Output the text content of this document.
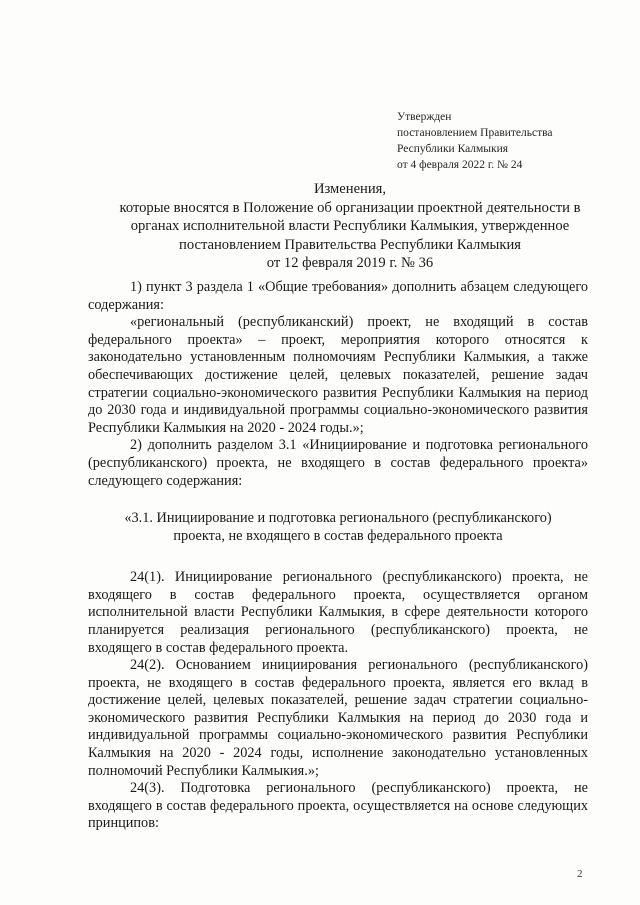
Утвержден
постановлением Правительства
Республики Калмыкия
от 4 февраля 2022 г. № 24
Изменения,
которые вносятся в Положение об организации проектной деятельности в
органах исполнительной власти Республики Калмыкия, утвержденное
постановлением Правительства Республики Калмыкия
от 12 февраля 2019 г. № 36

1) пункт 3 раздела 1 «Общие требования» дополнить абзацем следующего содержания:

«региональный (республиканский) проект, не входящий в состав федерального проекта» – проект, мероприятия которого относятся к законодательно установленным полномочиям Республики Калмыкия, а также обеспечивающих достижение целей, целевых показателей, решение задач стратегии социально-экономического развития Республики Калмыкия на период до 2030 года и индивидуальной программы социально-экономического развития Республики Калмыкия на 2020 - 2024 годы.»;

2) дополнить разделом 3.1 «Инициирование и подготовка регионального (республиканского) проекта, не входящего в состав федерального проекта» следующего содержания:

«3.1. Инициирование и подготовка регионального (республиканского)
проекта, не входящего в состав федерального проекта

24(1). Инициирование регионального (республиканского) проекта, не входящего в состав федерального проекта, осуществляется органом исполнительной власти Республики Калмыкия, в сфере деятельности которого планируется реализация регионального (республиканского) проекта, не входящего в состав федерального проекта.

24(2). Основанием инициирования регионального (республиканского) проекта, не входящего в состав федерального проекта, является его вклад в достижение целей, целевых показателей, решение задач стратегии социально-экономического развития Республики Калмыкия на период до 2030 года и индивидуальной программы социально-экономического развития Республики Калмыкия на 2020 - 2024 годы, исполнение законодательно установленных полномочий Республики Калмыкия.»;

24(3). Подготовка регионального (республиканского) проекта, не входящего в состав федерального проекта, осуществляется на основе следующих принципов:

2
